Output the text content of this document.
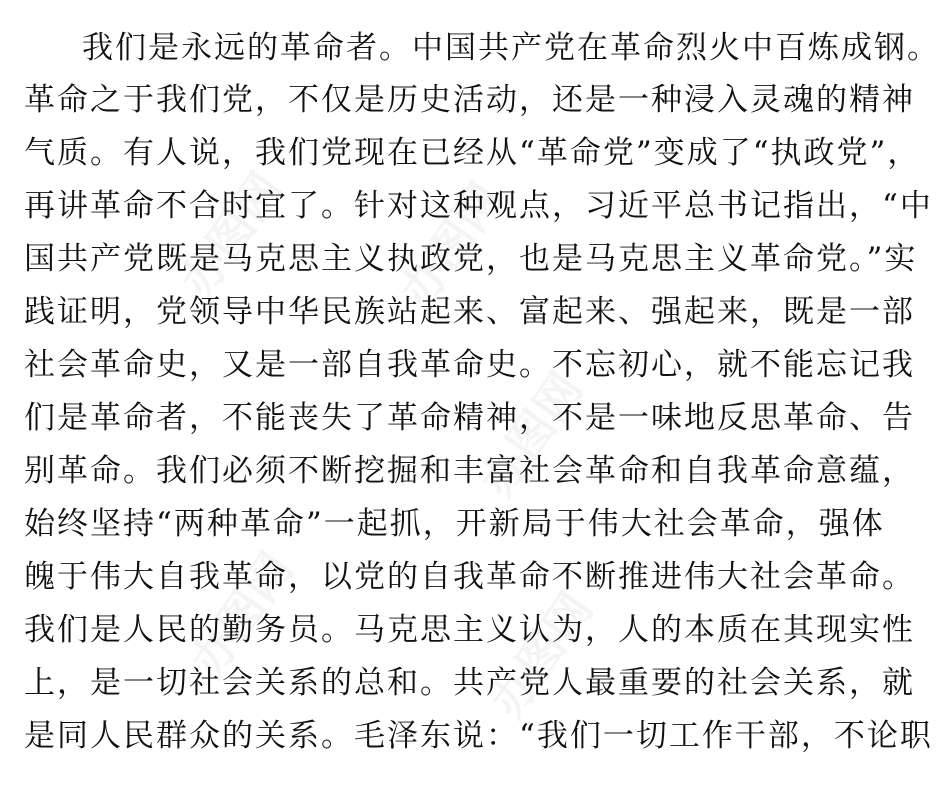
办图网 办图网
办图网
办图网	办图网
我们是永远的革命者。中国共产党在革命烈火中百炼成钢。
革命之于我们党，不仅是历史活动，还是一种浸入灵魂的精神
气质。有人说，我们党现在已经从“革命党”变成了“执政党”，
再讲革命不合时宜了。针对这种观点，习近平总书记指出，“中
国共产党既是马克思主义执政党，也是马克思主义革命党。”实
践证明，党领导中华民族站起来、富起来、强起来，既是一部
社会革命史，又是一部自我革命史。不忘初心，就不能忘记我
们是革命者，不能丧失了革命精神，不是一味地反思革命、告
别革命。我们必须不断挖掘和丰富社会革命和自我革命意蕴，
始终坚持“两种革命”一起抓，开新局于伟大社会革命，强体
魄于伟大自我革命，以党的自我革命不断推进伟大社会革命。
我们是人民的勤务员。马克思主义认为，人的本质在其现实性
上，是一切社会关系的总和。共产党人最重要的社会关系，就
是同人民群众的关系。毛泽东说：“我们一切工作干部，不论职
